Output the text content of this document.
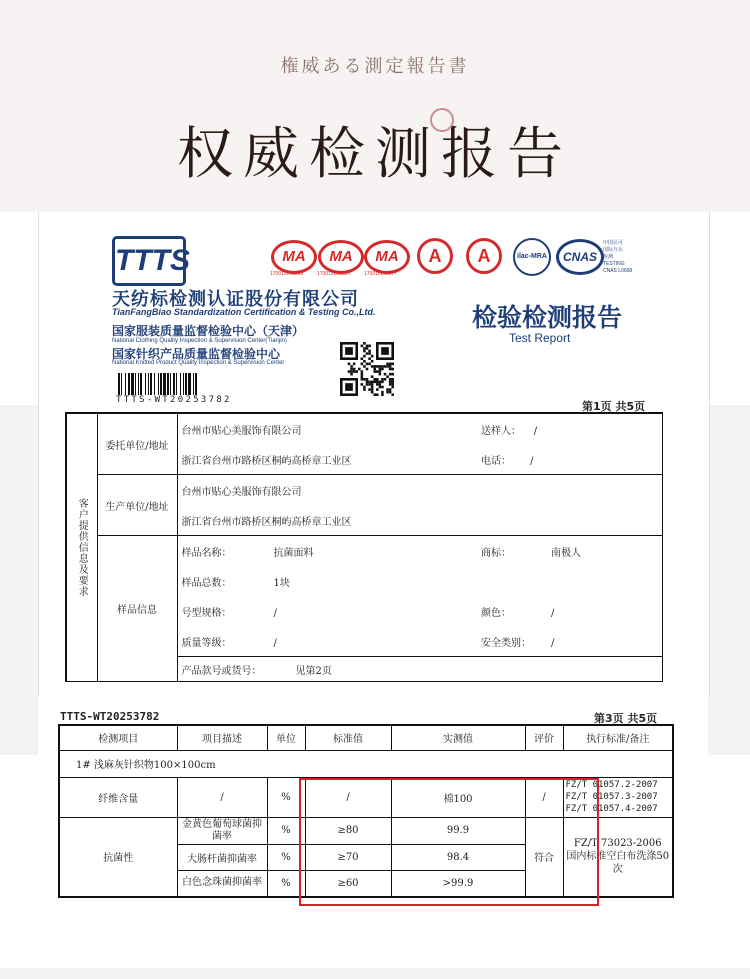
権威ある測定報告書
权威检测报告
TTTS
天纺标检测认证股份有限公司
TianFangBiao Standardization Certification & Testing Co.,Ltd.
国家服装质量监督检验中心（天津）
National Clothing Quality Inspection & Supervision Center(Tianjin)
国家针织产品质量监督检验中心
National Knitted Product Quality Inspection & Supervision Center
TTTS-WT20253782
检验检测报告
Test Report
MA
170011263663
MA
170011260226
MA
170011260277
A	A	ilac-MRA	CNAS
中国认可
国际互认
检测
TESTING
CNAS L0668
第1页 共5页
客户提供信息及要求	委托单位/地址	台州市贴心美服饰有限公司	送样人： /
		浙江省台州市路桥区桐屿高桥章工业区	电话： /
	生产单位/地址	台州市贴心美服饰有限公司	
		浙江省台州市路桥区桐屿高桥章工业区	
	样品信息	样品名称： 抗菌面料	商标： 南极人
		样品总数： 1块	
		号型规格： /	颜色： /
		质量等级： /	安全类别： /
		产品款号或货号： 见第2页	
TTTS-WT20253782	第3页 共5页
检测项目	项目描述	单位	标准值	实测值	评价	执行标准/备注
1# 浅麻灰针织物100×100cm						
纤维含量	/	%	/	棉100	/	FZ/T 01057.2-2007
FZ/T 01057.3-2007
FZ/T 01057.4-2007

抗菌性	金黄色葡萄球菌抑菌率	%	≥80	99.9	符合	FZ/T 73023-2006
国内标准空白布洗涤50次

	大肠杆菌抑菌率	%	≥70	98.4		
	白色念珠菌抑菌率	%	≥60	>99.9		
